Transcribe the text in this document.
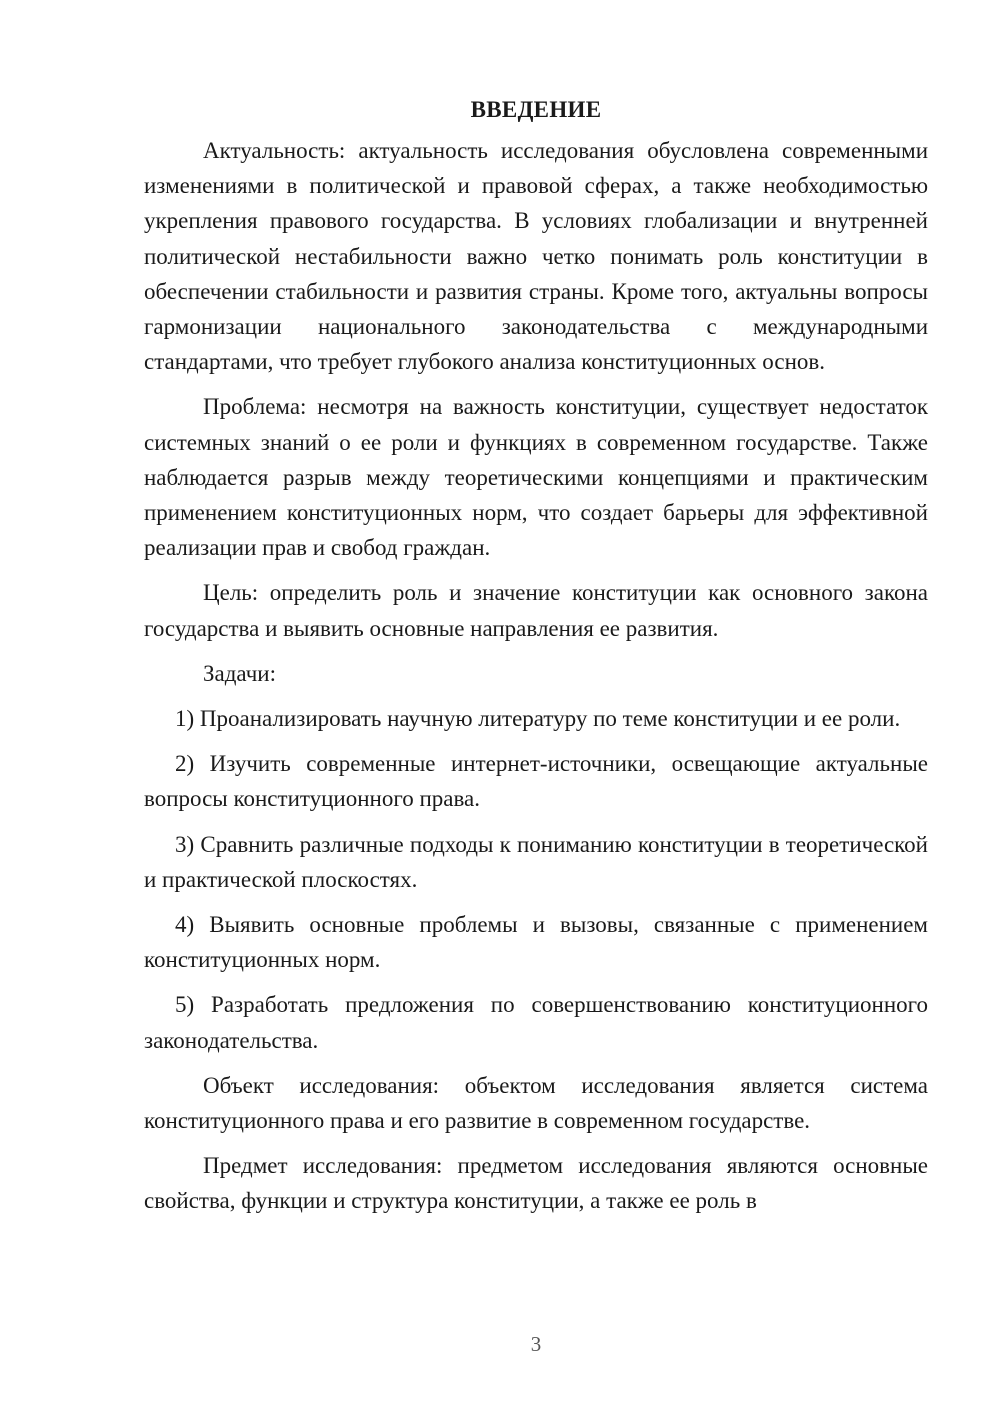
ВВЕДЕНИЕ

Актуальность: актуальность исследования обусловлена современными изменениями в политической и правовой сферах, а также необходимостью укрепления правового государства. В условиях глобализации и внутренней политической нестабильности важно четко понимать роль конституции в обеспечении стабильности и развития страны. Кроме того, актуальны вопросы гармонизации национального законодательства с международными стандартами, что требует глубокого анализа конституционных основ.

Проблема: несмотря на важность конституции, существует недостаток системных знаний о ее роли и функциях в современном государстве. Также наблюдается разрыв между теоретическими концепциями и практическим применением конституционных норм, что создает барьеры для эффективной реализации прав и свобод граждан.

Цель: определить роль и значение конституции как основного закона государства и выявить основные направления ее развития.

Задачи:

1) Проанализировать научную литературу по теме конституции и ее роли.

2) Изучить современные интернет-источники, освещающие актуальные вопросы конституционного права.

3) Сравнить различные подходы к пониманию конституции в теоретической и практической плоскостях.

4) Выявить основные проблемы и вызовы, связанные с применением конституционных норм.

5) Разработать предложения по совершенствованию конституционного законодательства.

Объект исследования: объектом исследования является система конституционного права и его развитие в современном государстве.

Предмет исследования: предметом исследования являются основные свойства, функции и структура конституции, а также ее роль в

3
